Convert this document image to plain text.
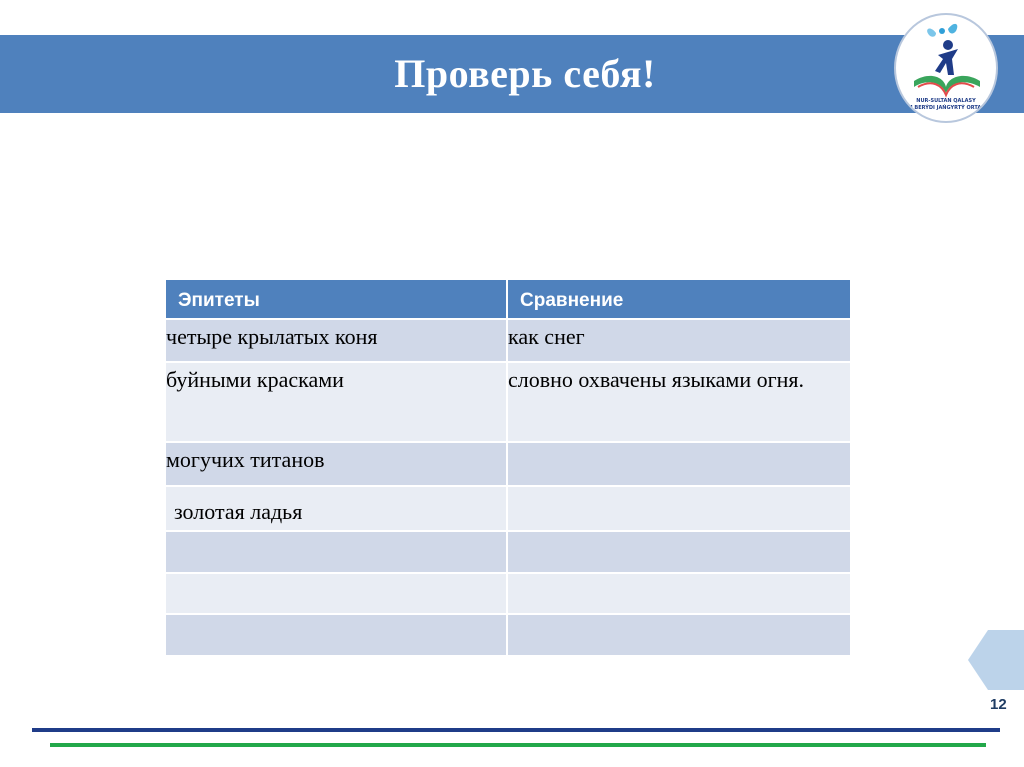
Проверь себя!
NUR-SULTAN QALASY
BILIM BERÝDI JAŃGYRTÝ ORTALYǴY
Эпитеты	Сравнение
четыре крылатых коня	как снег
буйными красками	словно охвачены языками огня.
могучих титанов	
золотая ладья	

12
